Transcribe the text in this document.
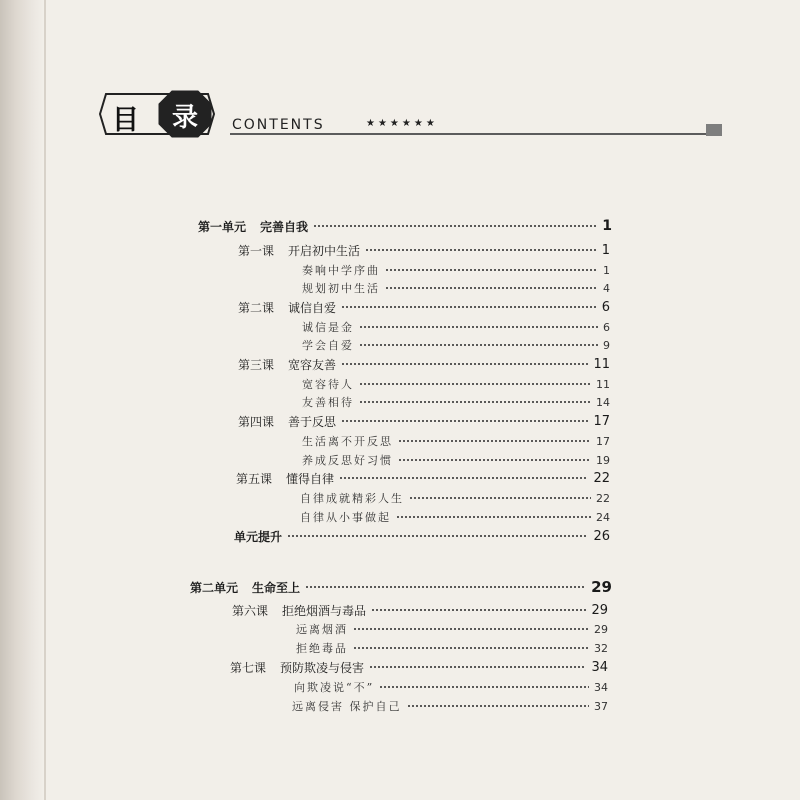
目 录 CONTENTS	★★★★★★
第一单元 完善自我	1
第一课 开启初中生活	1
奏响中学序曲	1
规划初中生活	4
第二课 诚信自爱	6
诚信是金	6
学会自爱	9
第三课 宽容友善	11
宽容待人	11
友善相待	14
第四课 善于反思	17
生活离不开反思	17
养成反思好习惯	19
第五课 懂得自律	22
自律成就精彩人生	22
自律从小事做起	24
单元提升	26
第二单元 生命至上	29
第六课 拒绝烟酒与毒品	29
远离烟酒	29
拒绝毒品	32
第七课 预防欺凌与侵害	34
向欺凌说“不”	34
远离侵害 保护自己	37
